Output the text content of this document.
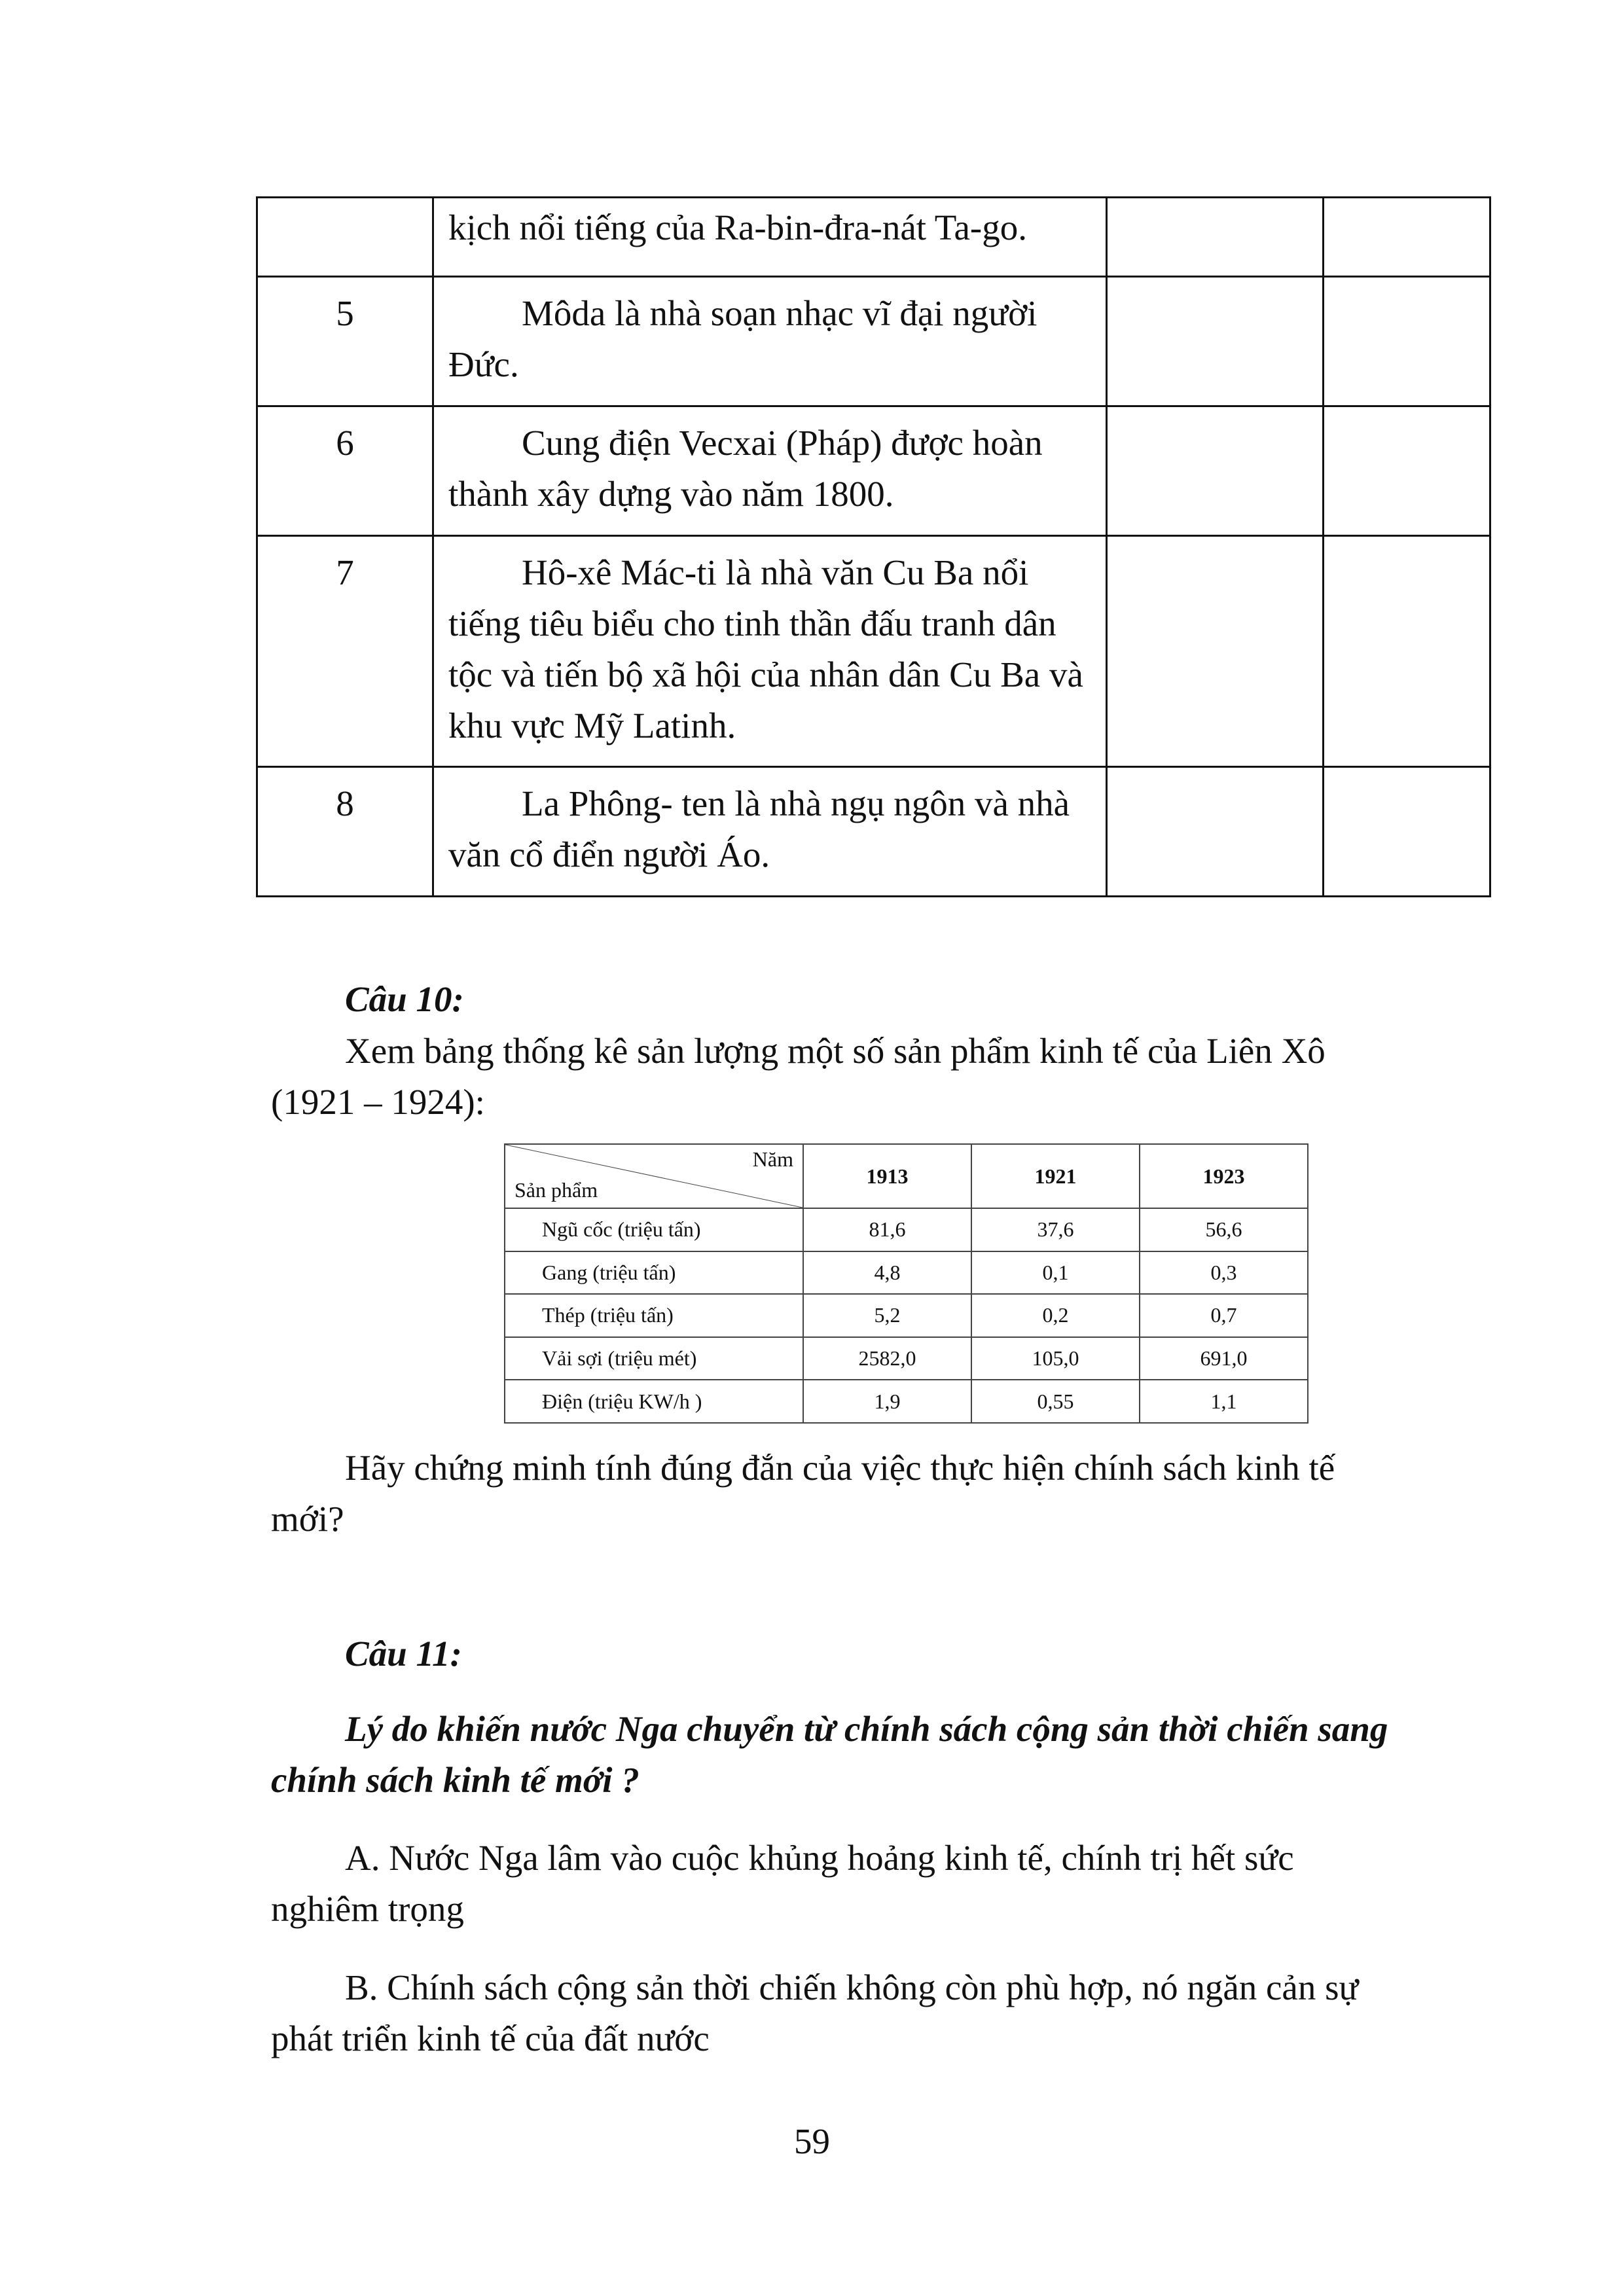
	kịch nổi tiếng của Ra-bin-đra-nát Ta-go.		
5	Môda là nhà soạn nhạc vĩ đại người Đức.		
6	Cung điện Vecxai (Pháp) được hoàn thành xây dựng vào năm 1800.		
7	Hô-xê Mác-ti là nhà văn Cu Ba nổi tiếng tiêu biểu cho tinh thần đấu tranh dân tộc và tiến bộ xã hội của nhân dân Cu Ba và khu vực Mỹ Latinh.		
8	La Phông- ten là nhà ngụ ngôn và nhà văn cổ điển người Áo.		

Câu 10:

Xem bảng thống kê sản lượng một số sản phẩm kinh tế của Liên Xô

(1921 – 1924):

Năm
Sản phẩm	1913	1921	1923
Ngũ cốc (triệu tấn)	81,6	37,6	56,6
Gang (triệu tấn)	4,8	0,1	0,3
Thép (triệu tấn)	5,2	0,2	0,7
Vải sợi (triệu mét)	2582,0	105,0	691,0
Điện (triệu KW/h )	1,9	0,55	1,1

Hãy chứng minh tính đúng đắn của việc thực hiện chính sách kinh tế

mới?

Câu 11:

Lý do khiến nước Nga chuyển từ chính sách cộng sản thời chiến sang

chính sách kinh tế mới ?

A. Nước Nga lâm vào cuộc khủng hoảng kinh tế, chính trị hết sức

nghiêm trọng

B. Chính sách cộng sản thời chiến không còn phù hợp, nó ngăn cản sự

phát triển kinh tế của đất nước

59
